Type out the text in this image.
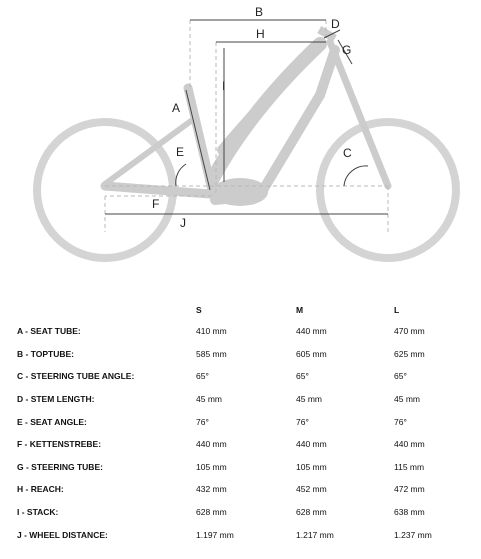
B
D
H
G
I
A
E	C
F
J
	S	M	L
A - SEAT TUBE:	410 mm	440 mm	470 mm
B - TOPTUBE:	585 mm	605 mm	625 mm
C - STEERING TUBE ANGLE:	65°	65°	65°
D - STEM LENGTH:	45 mm	45 mm	45 mm
E - SEAT ANGLE:	76°	76°	76°
F - KETTENSTREBE:	440 mm	440 mm	440 mm
G - STEERING TUBE:	105 mm	105 mm	115 mm
H - REACH:	432 mm	452 mm	472 mm
I - STACK:	628 mm	628 mm	638 mm
J - WHEEL DISTANCE:	1.197 mm	1.217 mm	1.237 mm
